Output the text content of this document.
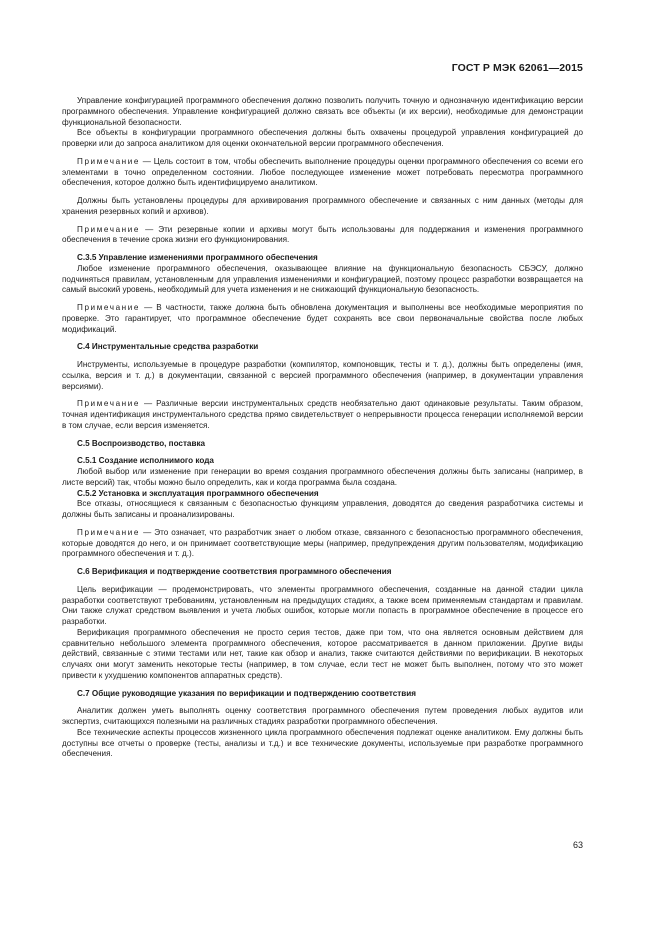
ГОСТ Р МЭК 62061—2015

Управление конфигурацией программного обеспечения должно позволить получить точную и однозначную идентификацию версии программного обеспечения. Управление конфигурацией должно связать все объекты (и их версии), необходимые для демонстрации функциональной безопасности.

Все объекты в конфигурации программного обеспечения должны быть охвачены процедурой управления конфигурацией до проверки или до запроса аналитиком для оценки окончательной версии программного обеспечения.

Примечание — Цель состоит в том, чтобы обеспечить выполнение процедуры оценки программного обеспечения со всеми его элементами в точно определенном состоянии. Любое последующее изменение может потребовать пересмотра программного обеспечения, которое должно быть идентифицируемо аналитиком.

Должны быть установлены процедуры для архивирования программного обеспечение и связанных с ним данных (методы для хранения резервных копий и архивов).

Примечание — Эти резервные копии и архивы могут быть использованы для поддержания и изменения программного обеспечения в течение срока жизни его функционирования.

С.3.5 Управление изменениями программного обеспечения

Любое изменение программного обеспечения, оказывающее влияние на функциональную безопасность СБЭСУ, должно подчиняться правилам, установленным для управления изменениями и конфигурацией, поэтому процесс разработки возвращается на самый высокий уровень, необходимый для учета изменения и не снижающий функциональную безопасность.

Примечание — В частности, также должна быть обновлена документация и выполнены все необходимые мероприятия по проверке. Это гарантирует, что программное обеспечение будет сохранять все свои первоначальные свойства после любых модификаций.

С.4 Инструментальные средства разработки

Инструменты, используемые в процедуре разработки (компилятор, компоновщик, тесты и т. д.), должны быть определены (имя, ссылка, версия и т. д.) в документации, связанной с версией программного обеспечения (например, в документации управления версиями).

Примечание — Различные версии инструментальных средств необязательно дают одинаковые результаты. Таким образом, точная идентификация инструментального средства прямо свидетельствует о непрерывности процесса генерации исполняемой версии в том случае, если версия изменяется.

С.5 Воспроизводство, поставка

С.5.1 Создание исполнимого кода

Любой выбор или изменение при генерации во время создания программного обеспечения должны быть записаны (например, в листе версий) так, чтобы можно было определить, как и когда программа была создана.

С.5.2 Установка и эксплуатация программного обеспечения

Все отказы, относящиеся к связанным с безопасностью функциям управления, доводятся до сведения разработчика системы и должны быть записаны и проанализированы.

Примечание — Это означает, что разработчик знает о любом отказе, связанного с безопасностью программного обеспечения, которые доводятся до него, и он принимает соответствующие меры (например, предупреждения другим пользователям, модификацию программного обеспечения и т. д.).

С.6 Верификация и подтверждение соответствия программного обеспечения

Цель верификации — продемонстрировать, что элементы программного обеспечения, созданные на данной стадии цикла разработки соответствуют требованиям, установленным на предыдущих стадиях, а также всем применяемым стандартам и правилам. Они также служат средством выявления и учета любых ошибок, которые могли попасть в программное обеспечение в процессе его разработки.

Верификация программного обеспечения не просто серия тестов, даже при том, что она является основным действием для сравнительно небольшого элемента программного обеспечения, которое рассматривается в данном приложении. Другие виды действий, связанные с этими тестами или нет, такие как обзор и анализ, также считаются действиями по верификации. В некоторых случаях они могут заменить некоторые тесты (например, в том случае, если тест не может быть выполнен, потому что это может привести к ухудшению компонентов аппаратных средств).

С.7 Общие руководящие указания по верификации и подтверждению соответствия

Аналитик должен уметь выполнять оценку соответствия программного обеспечения путем проведения любых аудитов или экспертиз, считающихся полезными на различных стадиях разработки программного обеспечения.

Все технические аспекты процессов жизненного цикла программного обеспечения подлежат оценке аналитиком. Ему должны быть доступны все отчеты о проверке (тесты, анализы и т.д.) и все технические документы, используемые при разработке программного обеспечения.

63
